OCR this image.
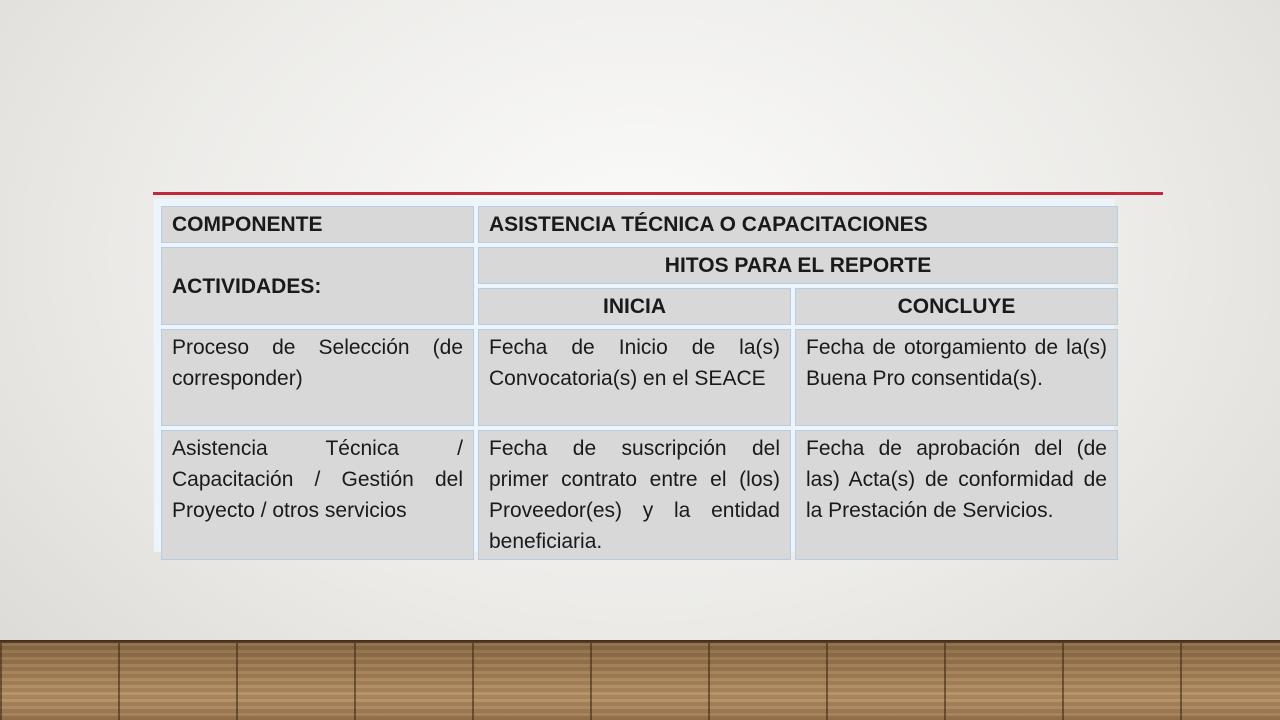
COMPONENTE	ASISTENCIA TÉCNICA O CAPACITACIONES	
ACTIVIDADES:	HITOS PARA EL REPORTE	
	INICIA	CONCLUYE
Proceso de Selección (de corresponder)	Fecha de Inicio de la(s) Convocatoria(s) en el SEACE	Fecha de otorgamiento de la(s) Buena Pro consentida(s).
Asistencia Técnica / Capacitación / Gestión del Proyecto / otros servicios	Fecha de suscripción del primer contrato entre el (los) Proveedor(es) y la entidad beneficiaria.	Fecha de aprobación del (de las) Acta(s) de conformidad de la Prestación de Servicios.
